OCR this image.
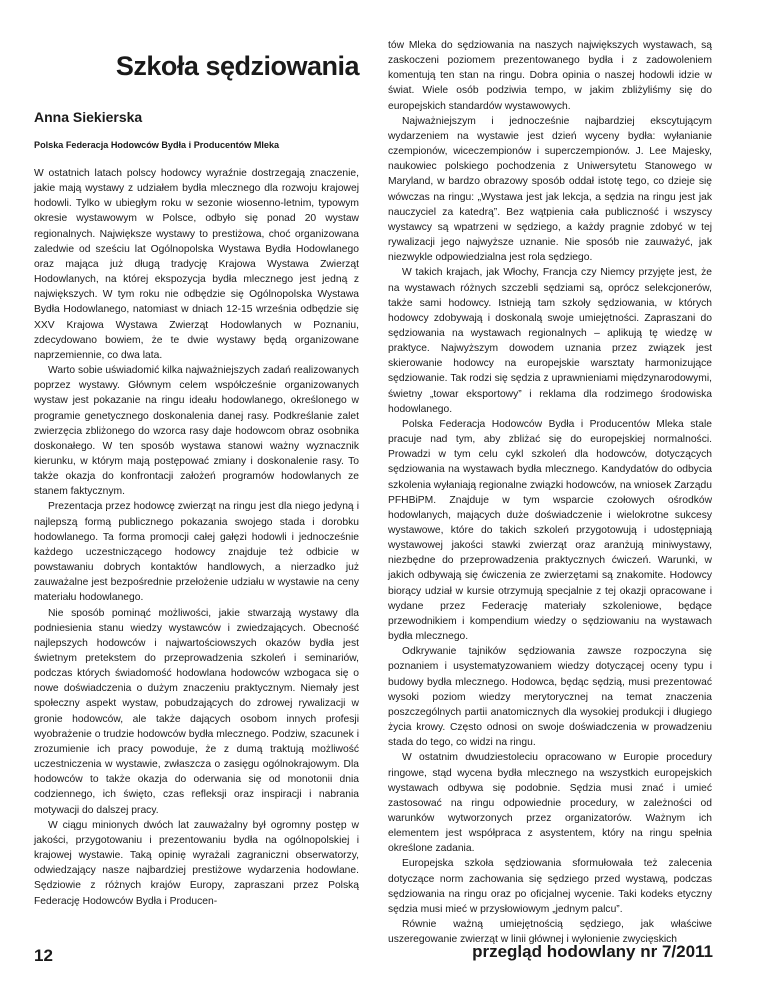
Szkoła sędziowania
Anna Siekierska
Polska Federacja Hodowców Bydła i Producentów Mleka

W ostatnich latach polscy hodowcy wyraźnie dostrzegają znaczenie, jakie mają wystawy z udziałem bydła mlecznego dla rozwoju krajowej hodowli. Tylko w ubiegłym roku w sezonie wiosenno-letnim, typowym okresie wystawowym w Polsce, odbyło się ponad 20 wystaw regionalnych. Największe wystawy to prestiżowa, choć organizowana zaledwie od sześciu lat Ogólnopolska Wystawa Bydła Hodowlanego oraz mająca już długą tradycję Krajowa Wystawa Zwierząt Hodowlanych, na której ekspozycja bydła mlecznego jest jedną z największych. W tym roku nie odbędzie się Ogólnopolska Wystawa Bydła Hodowlanego, natomiast w dniach 12-15 września odbędzie się XXV Krajowa Wystawa Zwierząt Hodowlanych w Poznaniu, zdecydowano bowiem, że te dwie wystawy będą organizowane naprzemiennie, co dwa lata.

Warto sobie uświadomić kilka najważniejszych zadań realizowanych poprzez wystawy. Głównym celem współcześnie organizowanych wystaw jest pokazanie na ringu ideału hodowlanego, określonego w programie genetycznego doskonalenia danej rasy. Podkreślanie zalet zwierzęcia zbliżonego do wzorca rasy daje hodowcom obraz osobnika doskonałego. W ten sposób wystawa stanowi ważny wyznacznik kierunku, w którym mają postępować zmiany i doskonalenie rasy. To także okazja do konfrontacji założeń programów hodowlanych ze stanem faktycznym.

Prezentacja przez hodowcę zwierząt na ringu jest dla niego jedyną i najlepszą formą publicznego pokazania swojego stada i dorobku hodowlanego. Ta forma promocji całej gałęzi hodowli i jednocześnie każdego uczestniczącego hodowcy znajduje też odbicie w powstawaniu dobrych kontaktów handlowych, a nierzadko już zauważalne jest bezpośrednie przełożenie udziału w wystawie na ceny materiału hodowlanego.

Nie sposób pominąć możliwości, jakie stwarzają wystawy dla podniesienia stanu wiedzy wystawców i zwiedzających. Obecność najlepszych hodowców i najwartościowszych okazów bydła jest świetnym pretekstem do przeprowadzenia szkoleń i seminariów, podczas których świadomość hodowlana hodowców wzbogaca się o nowe doświadczenia o dużym znaczeniu praktycznym. Niemały jest społeczny aspekt wystaw, pobudzających do zdrowej rywalizacji w gronie hodowców, ale także dających osobom innych profesji wyobrażenie o trudzie hodowców bydła mlecznego. Podziw, szacunek i zrozumienie ich pracy powoduje, że z dumą traktują możliwość uczestniczenia w wystawie, zwłaszcza o zasięgu ogólnokrajowym. Dla hodowców to także okazja do oderwania się od monotonii dnia codziennego, ich święto, czas refleksji oraz inspiracji i nabrania motywacji do dalszej pracy.

W ciągu minionych dwóch lat zauważalny był ogromny postęp w jakości, przygotowaniu i prezentowaniu bydła na ogólnopolskiej i krajowej wystawie. Taką opinię wyrażali zagraniczni obserwatorzy, odwiedzający nasze najbardziej prestiżowe wydarzenia hodowlane. Sędziowie z różnych krajów Europy, zapraszani przez Polską Federację Hodowców Bydła i Producen-

tów Mleka do sędziowania na naszych największych wystawach, są zaskoczeni poziomem prezentowanego bydła i z zadowoleniem komentują ten stan na ringu. Dobra opinia o naszej hodowli idzie w świat. Wiele osób podziwia tempo, w jakim zbliżyliśmy się do europejskich standardów wystawowych.

Najważniejszym i jednocześnie najbardziej ekscytującym wydarzeniem na wystawie jest dzień wyceny bydła: wyłanianie czempionów, wiceczempionów i superczempionów. J. Lee Majesky, naukowiec polskiego pochodzenia z Uniwersytetu Stanowego w Maryland, w bardzo obrazowy sposób oddał istotę tego, co dzieje się wówczas na ringu: „Wystawa jest jak lekcja, a sędzia na ringu jest jak nauczyciel za katedrą”. Bez wątpienia cała publiczność i wszyscy wystawcy są wpatrzeni w sędziego, a każdy pragnie zdobyć w tej rywalizacji jego najwyższe uznanie. Nie sposób nie zauważyć, jak niezwykle odpowiedzialna jest rola sędziego.

W takich krajach, jak Włochy, Francja czy Niemcy przyjęte jest, że na wystawach różnych szczebli sędziami są, oprócz selekcjonerów, także sami hodowcy. Istnieją tam szkoły sędziowania, w których hodowcy zdobywają i doskonalą swoje umiejętności. Zapraszani do sędziowania na wystawach regionalnych – aplikują tę wiedzę w praktyce. Najwyższym dowodem uznania przez związek jest skierowanie hodowcy na europejskie warsztaty harmonizujące sędziowanie. Tak rodzi się sędzia z uprawnieniami międzynarodowymi, świetny „towar eksportowy” i reklama dla rodzimego środowiska hodowlanego.

Polska Federacja Hodowców Bydła i Producentów Mleka stale pracuje nad tym, aby zbliżać się do europejskiej normalności. Prowadzi w tym celu cykl szkoleń dla hodowców, dotyczących sędziowania na wystawach bydła mlecznego. Kandydatów do odbycia szkolenia wyłaniają regionalne związki hodowców, na wniosek Zarządu PFHBiPM. Znajduje w tym wsparcie czołowych ośrodków hodowlanych, mających duże doświadczenie i wielokrotne sukcesy wystawowe, które do takich szkoleń przygotowują i udostępniają wystawowej jakości stawki zwierząt oraz aranżują miniwystawy, niezbędne do przeprowadzenia praktycznych ćwiczeń. Warunki, w jakich odbywają się ćwiczenia ze zwierzętami są znakomite. Hodowcy biorący udział w kursie otrzymują specjalnie z tej okazji opracowane i wydane przez Federację materiały szkoleniowe, będące przewodnikiem i kompendium wiedzy o sędziowaniu na wystawach bydła mlecznego.

Odkrywanie tajników sędziowania zawsze rozpoczyna się poznaniem i usystematyzowaniem wiedzy dotyczącej oceny typu i budowy bydła mlecznego. Hodowca, będąc sędzią, musi prezentować wysoki poziom wiedzy merytorycznej na temat znaczenia poszczególnych partii anatomicznych dla wysokiej produkcji i długiego życia krowy. Często odnosi on swoje doświadczenia w prowadzeniu stada do tego, co widzi na ringu.

W ostatnim dwudziestoleciu opracowano w Europie procedury ringowe, stąd wycena bydła mlecznego na wszystkich europejskich wystawach odbywa się podobnie. Sędzia musi znać i umieć zastosować na ringu odpowiednie procedury, w zależności od warunków wytworzonych przez organizatorów. Ważnym ich elementem jest współpraca z asystentem, który na ringu spełnia określone zadania.

Europejska szkoła sędziowania sformułowała też zalecenia dotyczące norm zachowania się sędziego przed wystawą, podczas sędziowania na ringu oraz po oficjalnej wycenie. Taki kodeks etyczny sędzia musi mieć w przysłowiowym „jednym palcu”.

Równie ważną umiejętnością sędziego, jak właściwe uszeregowanie zwierząt w linii głównej i wyłonienie zwycięskich

12	przegląd hodowlany nr 7/2011
